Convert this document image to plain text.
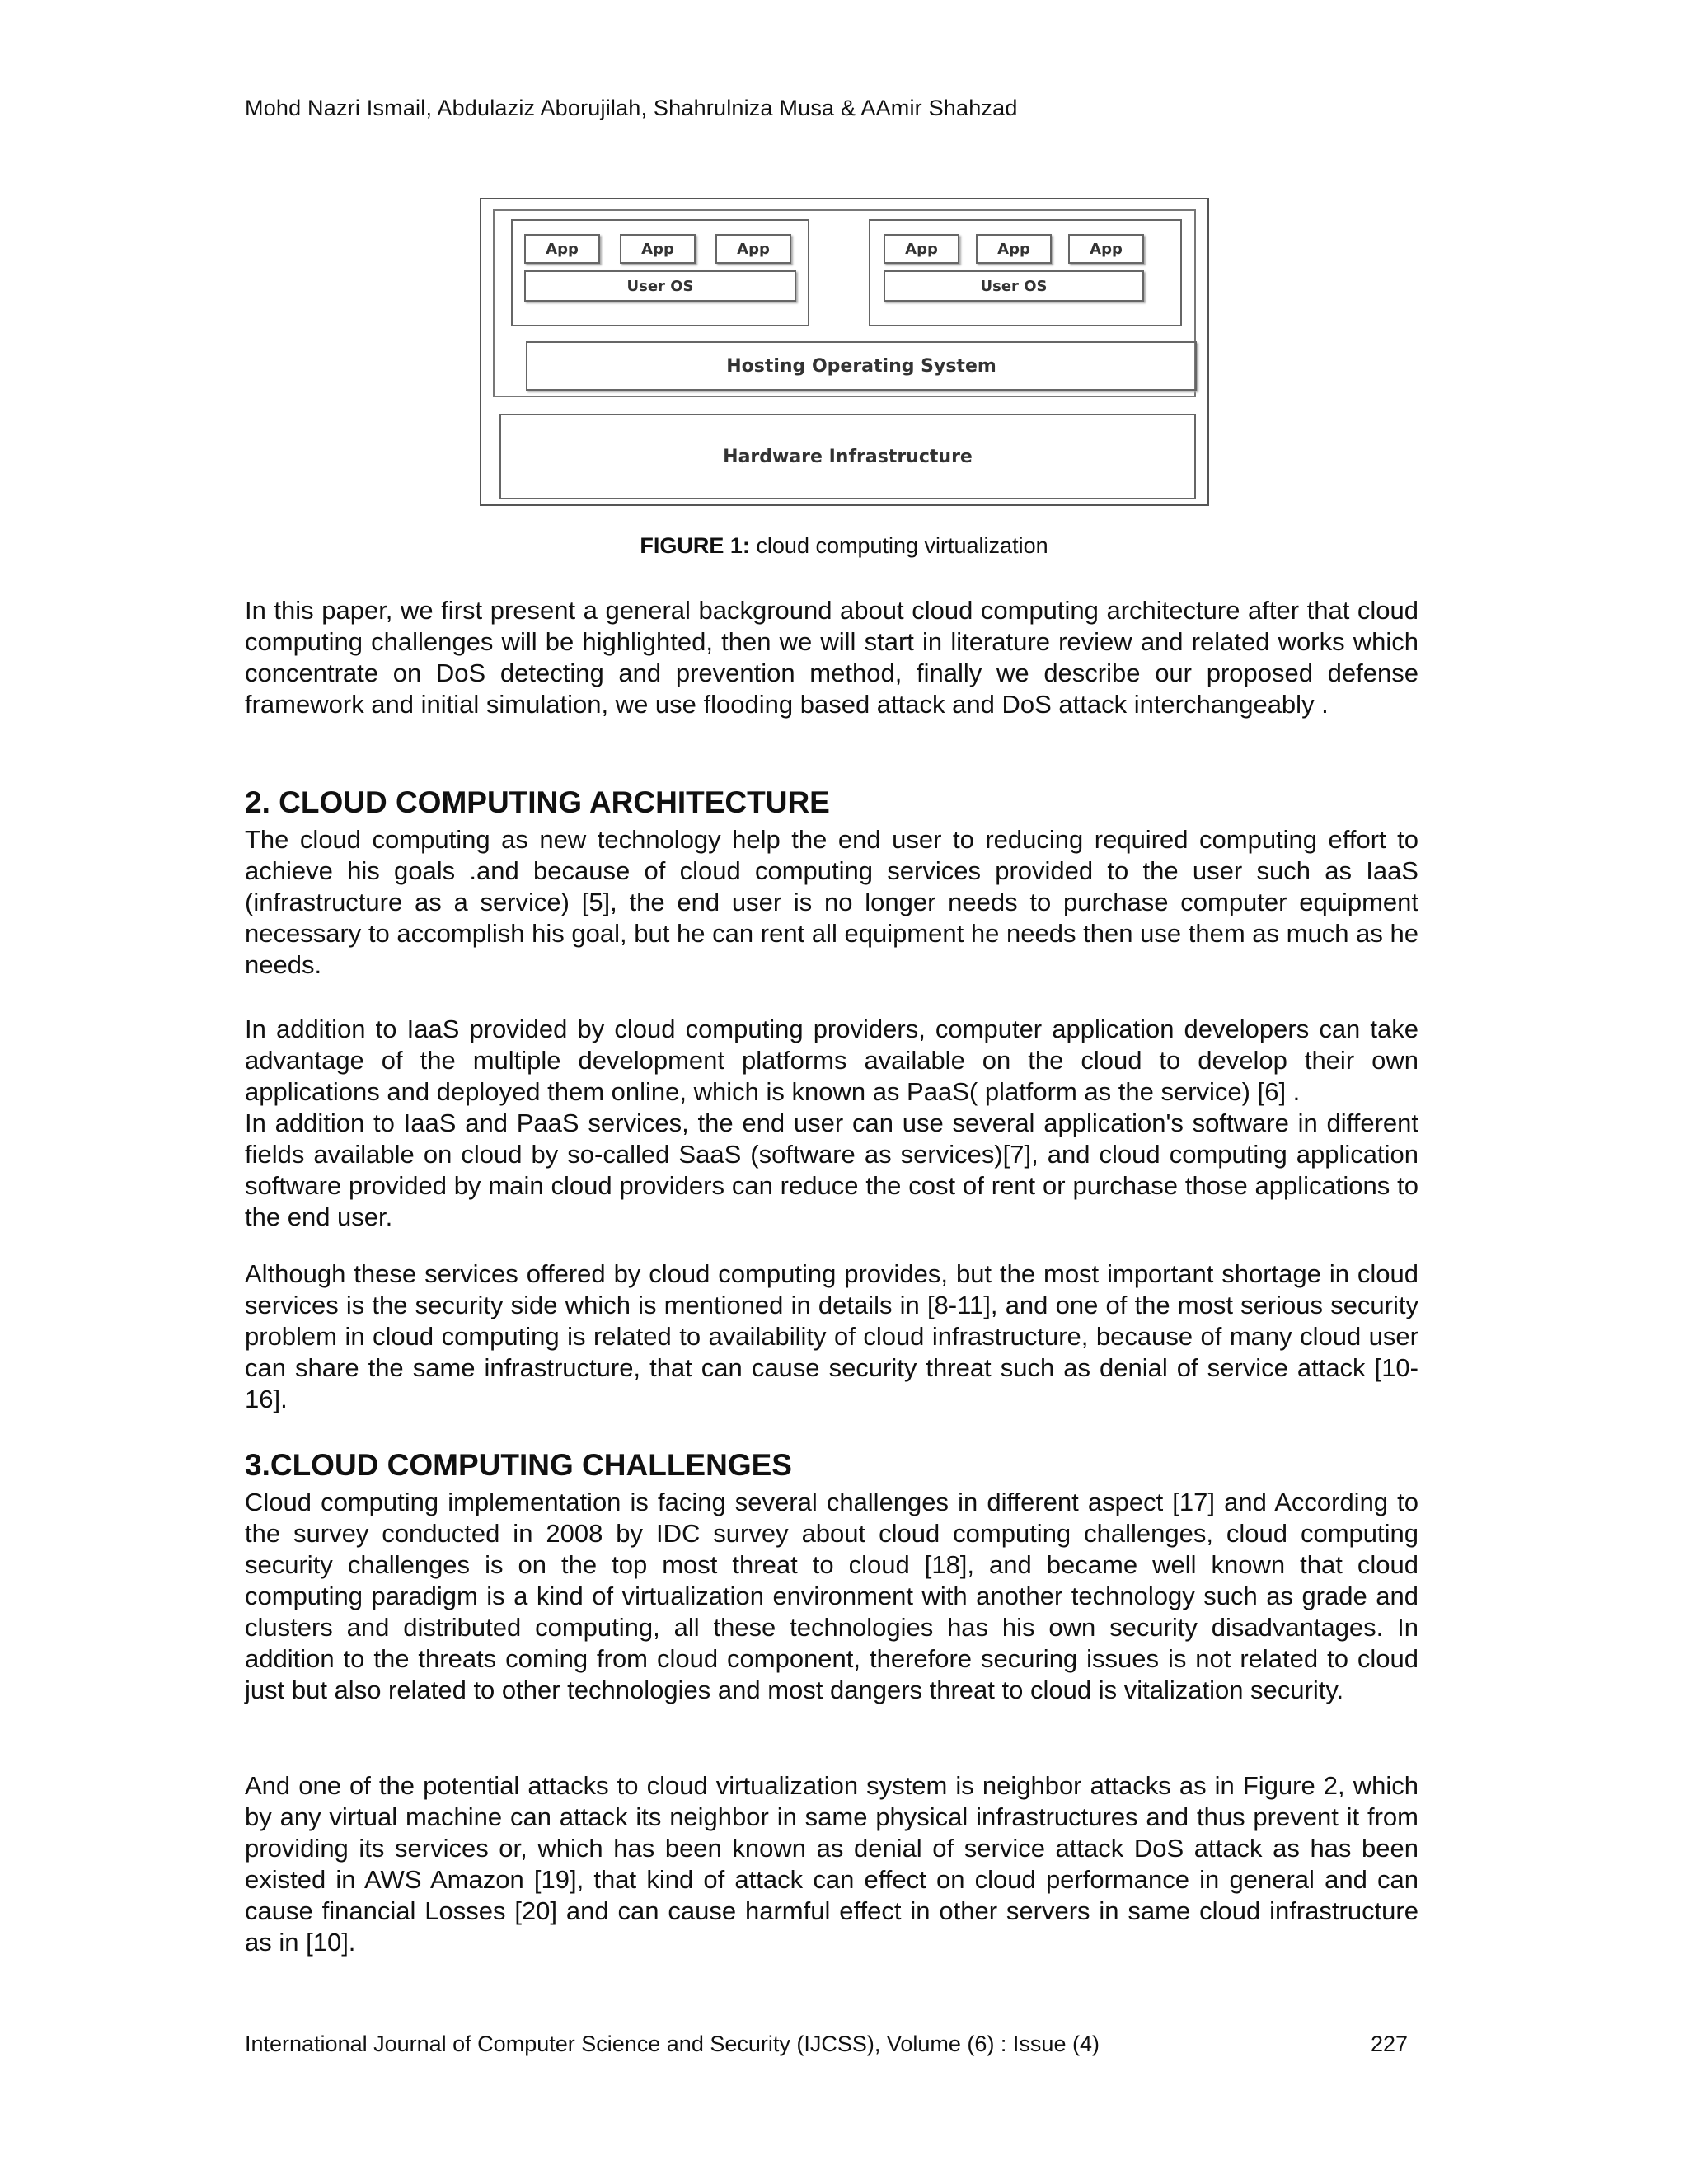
Mohd Nazri Ismail, Abdulaziz Aborujilah, Shahrulniza Musa & AAmir Shahzad
App	App	App
User OS
App	App	App
User OS
Hosting Operating System
Hardware Infrastructure
FIGURE 1: cloud computing virtualization

In this paper, we first present a general background about cloud computing architecture after that cloud computing challenges will be highlighted, then we will start in literature review and related works which concentrate on DoS detecting and prevention method, finally we describe our proposed defense framework and initial simulation, we use flooding based attack and DoS attack interchangeably .

2. CLOUD COMPUTING ARCHITECTURE

The cloud computing as new technology help the end user to reducing required computing effort to achieve his goals .and because of cloud computing services provided to the user such as IaaS (infrastructure as a service) [5], the end user is no longer needs to purchase computer equipment necessary to accomplish his goal, but he can rent all equipment he needs then use them as much as he needs.

In addition to IaaS provided by cloud computing providers, computer application developers can take advantage of the multiple development platforms available on the cloud to develop their own applications and deployed them online, which is known as PaaS( platform as the service) [6] .

In addition to IaaS and PaaS services, the end user can use several application's software in different fields available on cloud by so-called SaaS (software as services)[7], and cloud computing application software provided by main cloud providers can reduce the cost of rent or purchase those applications to the end user.

Although these services offered by cloud computing provides, but the most important shortage in cloud services is the security side which is mentioned in details in [8-11], and one of the most serious security problem in cloud computing is related to availability of cloud infrastructure, because of many cloud user can share the same infrastructure, that can cause security threat such as denial of service attack [10-16].

3.CLOUD COMPUTING CHALLENGES

Cloud computing implementation is facing several challenges in different aspect [17] and According to the survey conducted in 2008 by IDC survey about cloud computing challenges, cloud computing security challenges is on the top most threat to cloud [18], and became well known that cloud computing paradigm is a kind of virtualization environment with another technology such as grade and clusters and distributed computing, all these technologies has his own security disadvantages. In addition to the threats coming from cloud component, therefore securing issues is not related to cloud just but also related to other technologies and most dangers threat to cloud is vitalization security.

And one of the potential attacks to cloud virtualization system is neighbor attacks as in Figure 2, which by any virtual machine can attack its neighbor in same physical infrastructures and thus prevent it from providing its services or, which has been known as denial of service attack DoS attack as has been existed in AWS Amazon [19], that kind of attack can effect on cloud performance in general and can cause financial Losses [20] and can cause harmful effect in other servers in same cloud infrastructure as in [10].

International Journal of Computer Science and Security (IJCSS), Volume (6) : Issue (4)	227
